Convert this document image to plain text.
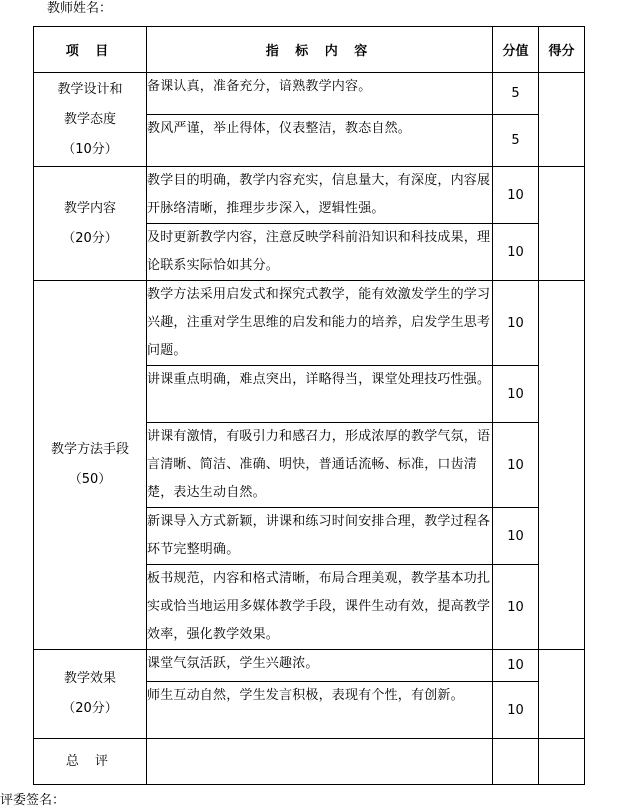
教师姓名：
项 目	指 标 内 容	分值	得分

教学设计和
教学态度
（10分）	备课认真，准备充分，谙熟教学内容。	5	
	教风严谨，举止得体，仪表整洁，教态自然。	5	

教学内容
（20分）	教学目的明确，教学内容充实，信息量大，有深度，内容展开脉络清晰，推理步步深入，逻辑性强。	10	
	及时更新教学内容，注意反映学科前沿知识和科技成果，理论联系实际恰如其分。	10	

教学方法手段
（50）	教学方法采用启发式和探究式教学，能有效激发学生的学习兴趣，注重对学生思维的启发和能力的培养，启发学生思考问题。	10	
	讲课重点明确，难点突出，详略得当，课堂处理技巧性强。	10	
	讲课有激情，有吸引力和感召力，形成浓厚的教学气氛，语言清晰、简洁、准确、明快，普通话流畅、标准，口齿清楚，表达生动自然。	10	
	新课导入方式新颖，讲课和练习时间安排合理，教学过程各环节完整明确。	10	
	板书规范，内容和格式清晰，布局合理美观，教学基本功扎实或恰当地运用多媒体教学手段，课件生动有效，提高教学效率，强化教学效果。	10	

教学效果
（20分）	课堂气氛活跃，学生兴趣浓。	10	
	师生互动自然，学生发言积极，表现有个性，有创新。	10	
总 评			
评委签名：
